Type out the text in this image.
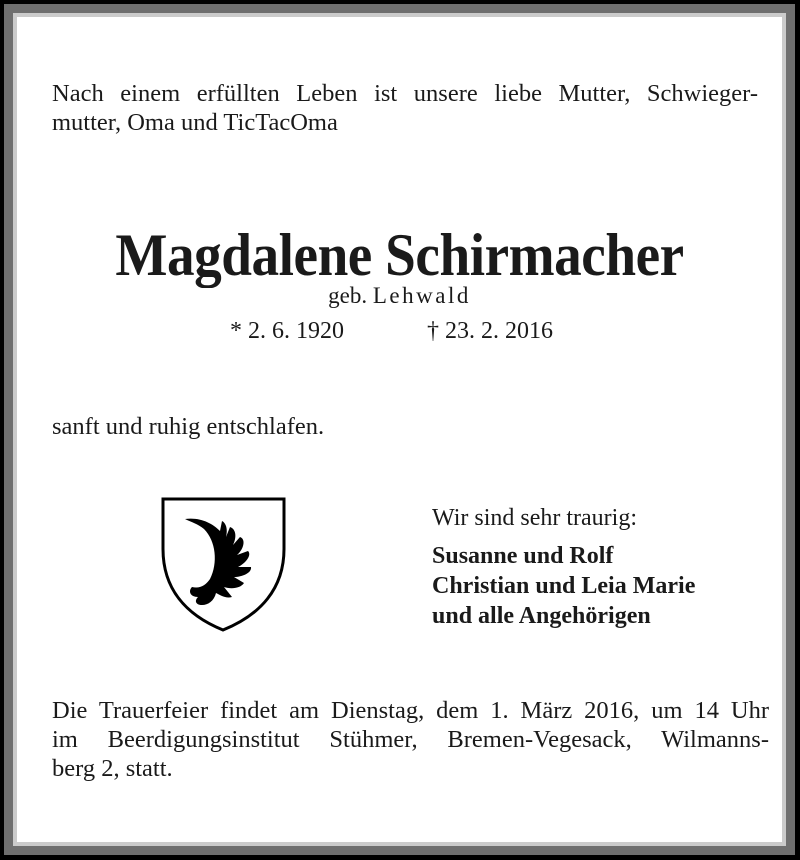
Nach einem erfüllten Leben ist unsere liebe Mutter, Schwieger-
mutter, Oma und TicTacOma
Magdalene Schirmacher
geb. Lehwald
* 2. 6. 1920	† 23. 2. 2016
sanft und ruhig entschlafen.
Wir sind sehr traurig:
Susanne und Rolf
Christian und Leia Marie
und alle Angehörigen
Die Trauerfeier findet am Dienstag, dem 1. März 2016, um 14 Uhr
im Beerdigungsinstitut Stühmer, Bremen-Vegesack, Wilmanns-
berg 2, statt.
